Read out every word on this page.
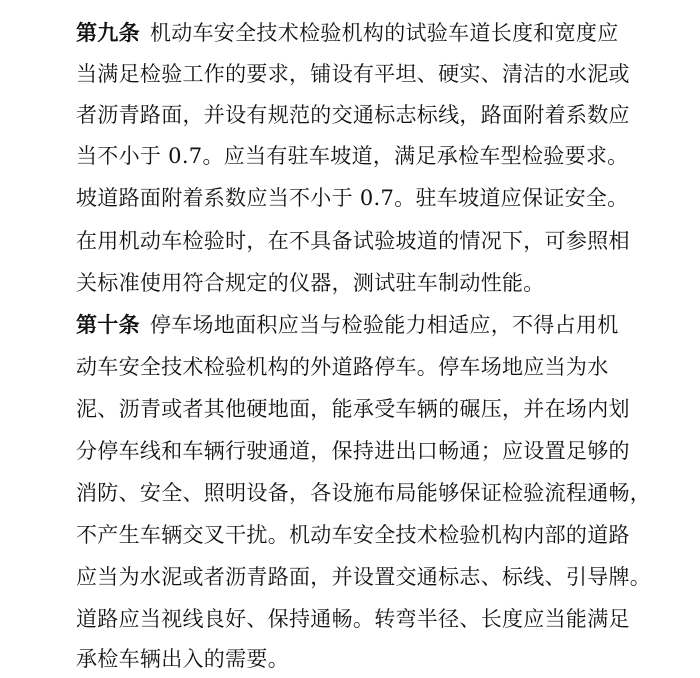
第九条 机动车安全技术检验机构的试验车道长度和宽度应
当满足检验工作的要求，铺设有平坦、硬实、清洁的水泥或
者沥青路面，并设有规范的交通标志标线，路面附着系数应
当不小于 0.7。应当有驻车坡道，满足承检车型检验要求。
坡道路面附着系数应当不小于 0.7。驻车坡道应保证安全。
在用机动车检验时，在不具备试验坡道的情况下，可参照相
关标准使用符合规定的仪器，测试驻车制动性能。
第十条 停车场地面积应当与检验能力相适应，不得占用机
动车安全技术检验机构的外道路停车。停车场地应当为水
泥、沥青或者其他硬地面，能承受车辆的碾压，并在场内划
分停车线和车辆行驶通道，保持进出口畅通；应设置足够的
消防、安全、照明设备，各设施布局能够保证检验流程通畅，
不产生车辆交叉干扰。机动车安全技术检验机构内部的道路
应当为水泥或者沥青路面，并设置交通标志、标线、引导牌。
道路应当视线良好、保持通畅。转弯半径、长度应当能满足
承检车辆出入的需要。
